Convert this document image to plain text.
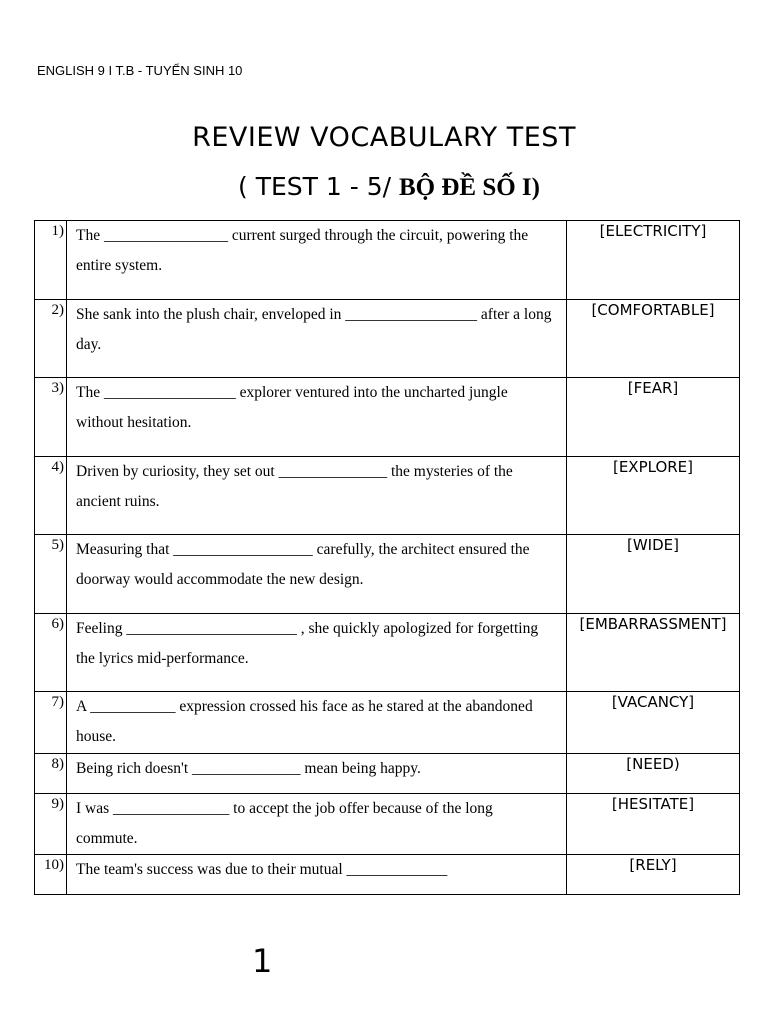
ENGLISH 9 I T.B - TUYỂN SINH 10
REVIEW VOCABULARY TEST
( TEST 1 - 5/ BỘ ĐỀ SỐ I)
1)	The ________________ current surged through the circuit, powering the entire system.	[ELECTRICITY]
2)	She sank into the plush chair, enveloped in _________________ after a long day.	[COMFORTABLE]
3)	The _________________ explorer ventured into the uncharted jungle without hesitation.	[FEAR]
4)	Driven by curiosity, they set out ______________ the mysteries of the ancient ruins.	[EXPLORE]
5)	Measuring that __________________ carefully, the architect ensured the doorway would accommodate the new design.	[WIDE]
6)	Feeling ______________________ , she quickly apologized for forgetting the lyrics mid-performance.	[EMBARRASSMENT]
7)	A ___________ expression crossed his face as he stared at the abandoned house.	[VACANCY]
8)	Being rich doesn't ______________ mean being happy.	[NEED)
9)	I was _______________ to accept the job offer because of the long commute.	[HESITATE]
10)	The team's success was due to their mutual _____________	[RELY]
1
